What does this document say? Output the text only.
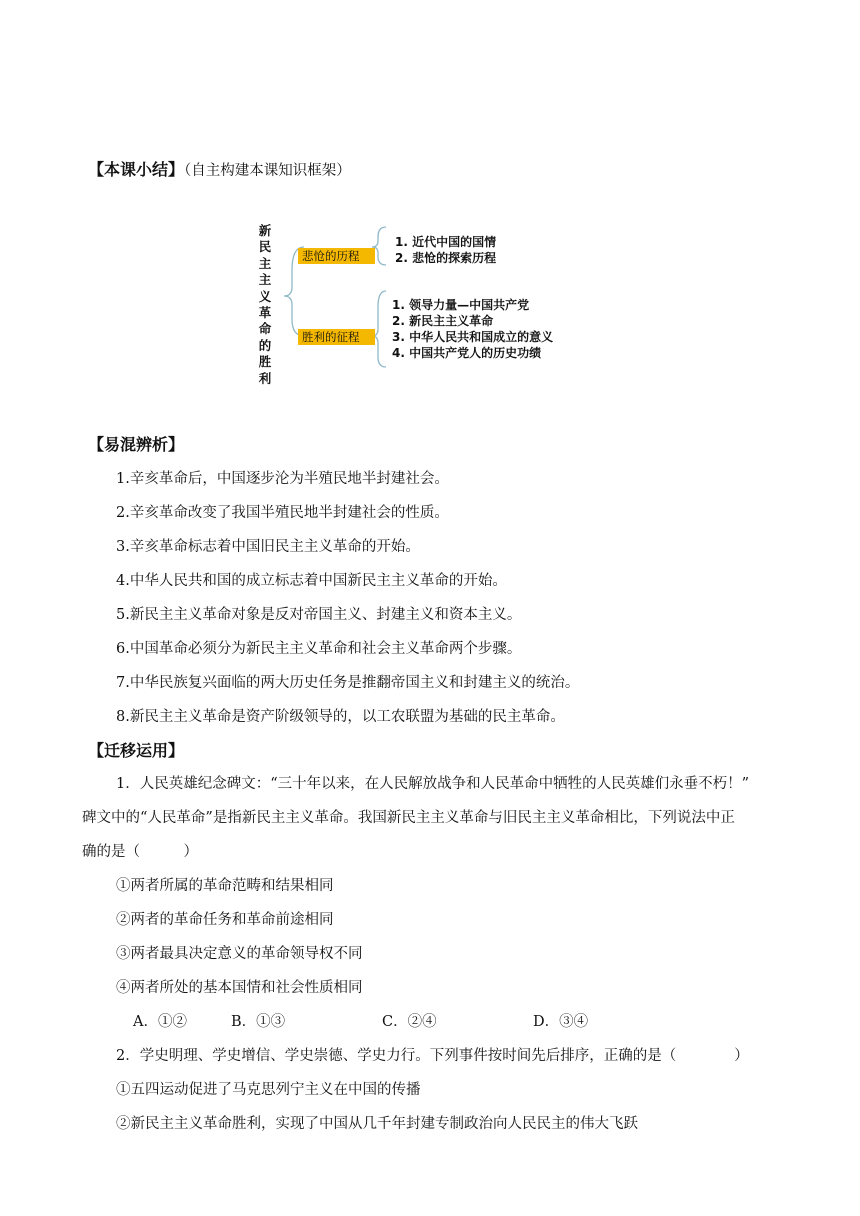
【本课小结】（自主构建本课知识框架）
新
民
主
主
义
革
命
的
胜
利
悲怆的历程
胜利的征程
1. 近代中国的国情
2. 悲怆的探索历程
1. 领导力量—中国共产党
2. 新民主主义革命
3. 中华人民共和国成立的意义
4. 中国共产党人的历史功绩
【易混辨析】
1.辛亥革命后，中国逐步沦为半殖民地半封建社会。
2.辛亥革命改变了我国半殖民地半封建社会的性质。
3.辛亥革命标志着中国旧民主主义革命的开始。
4.中华人民共和国的成立标志着中国新民主主义革命的开始。
5.新民主主义革命对象是反对帝国主义、封建主义和资本主义。
6.中国革命必须分为新民主主义革命和社会主义革命两个步骤。
7.中华民族复兴面临的两大历史任务是推翻帝国主义和封建主义的统治。
8.新民主主义革命是资产阶级领导的，以工农联盟为基础的民主革命。
【迁移运用】
1．人民英雄纪念碑文：“三十年以来，在人民解放战争和人民革命中牺牲的人民英雄们永垂不朽！”
碑文中的“人民革命”是指新民主主义革命。我国新民主主义革命与旧民主主义革命相比，下列说法中正
确的是（　　　）
①两者所属的革命范畴和结果相同
②两者的革命任务和革命前途相同
③两者最具决定意义的革命领导权不同
④两者所处的基本国情和社会性质相同
A．①②	B．①③	C．②④	D．③④
2．学史明理、学史增信、学史崇德、学史力行。下列事件按时间先后排序，正确的是（　　　　）
①五四运动促进了马克思列宁主义在中国的传播
②新民主主义革命胜利，实现了中国从几千年封建专制政治向人民民主的伟大飞跃
